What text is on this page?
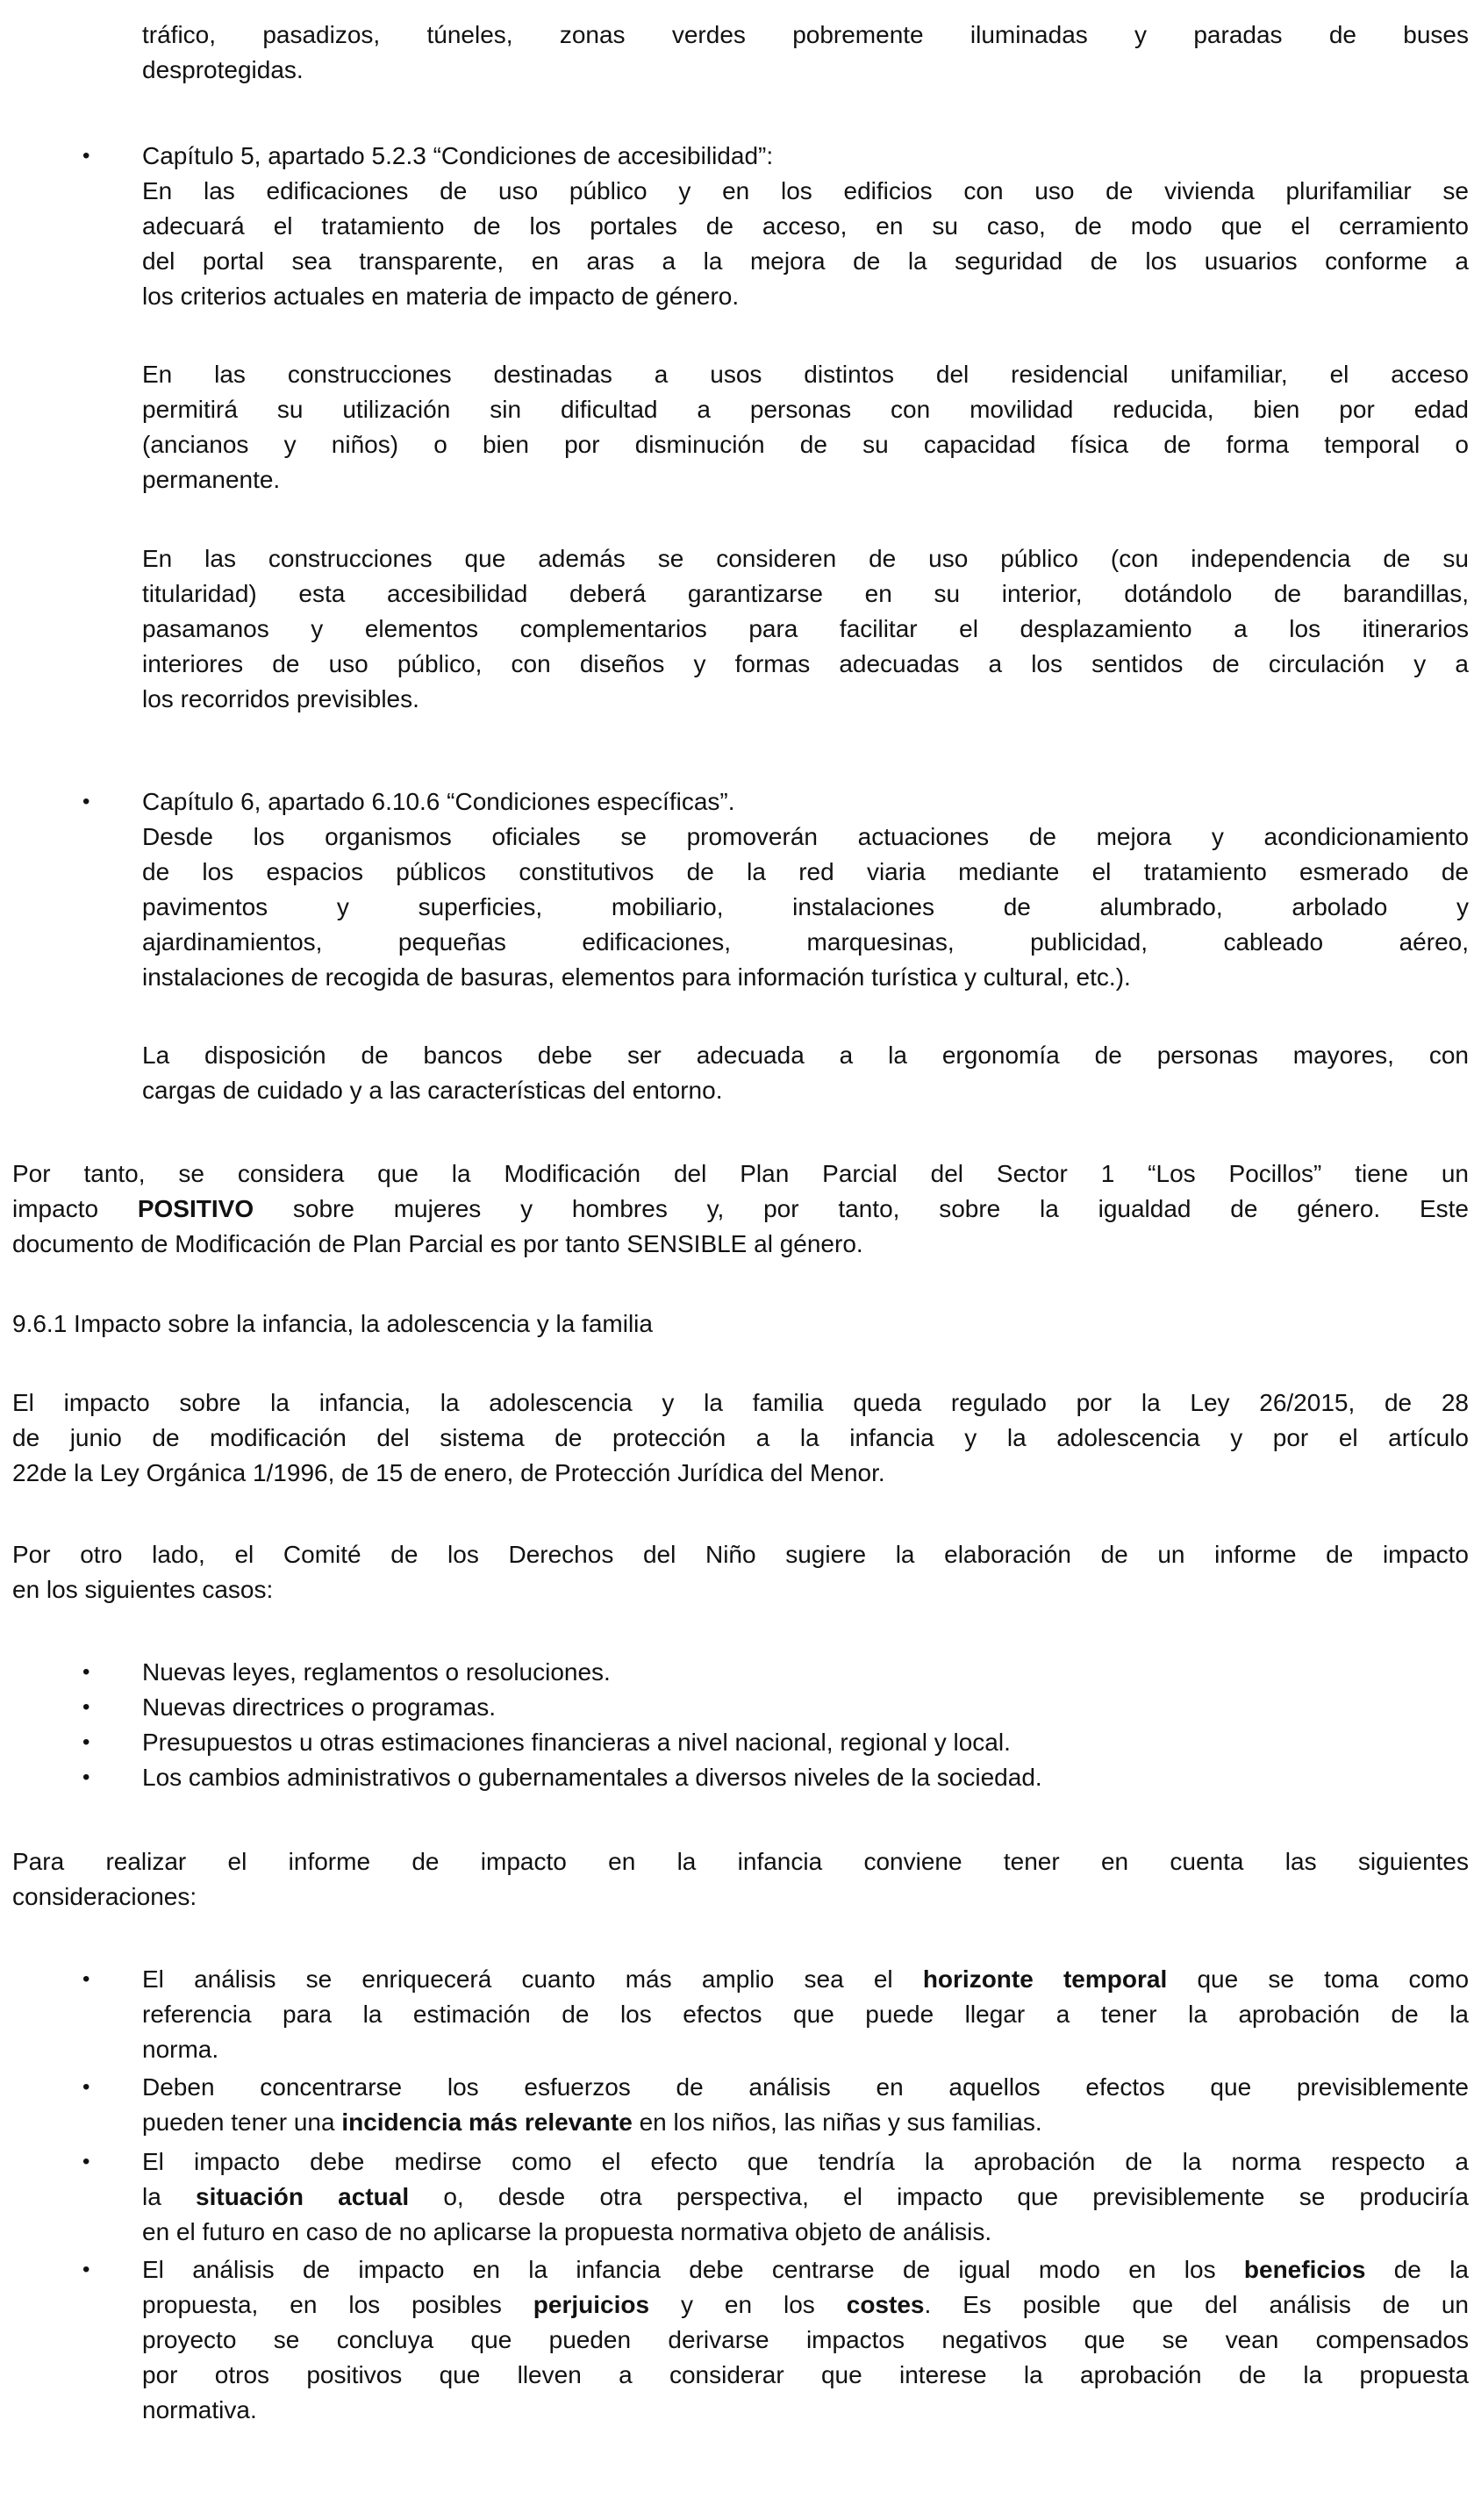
tráfico, pasadizos, túneles, zonas verdes pobremente iluminadas y paradas de buses
desprotegidas.
• Capítulo 5, apartado 5.2.3 “Condiciones de accesibilidad”:
En las edificaciones de uso público y en los edificios con uso de vivienda plurifamiliar se
adecuará el tratamiento de los portales de acceso, en su caso, de modo que el cerramiento
del portal sea transparente, en aras a la mejora de la seguridad de los usuarios conforme a
los criterios actuales en materia de impacto de género.
En las construcciones destinadas a usos distintos del residencial unifamiliar, el acceso
permitirá su utilización sin dificultad a personas con movilidad reducida, bien por edad
(ancianos y niños) o bien por disminución de su capacidad física de forma temporal o
permanente.
En las construcciones que además se consideren de uso público (con independencia de su
titularidad) esta accesibilidad deberá garantizarse en su interior, dotándolo de barandillas,
pasamanos y elementos complementarios para facilitar el desplazamiento a los itinerarios
interiores de uso público, con diseños y formas adecuadas a los sentidos de circulación y a
los recorridos previsibles.
• Capítulo 6, apartado 6.10.6 “Condiciones específicas”.
Desde los organismos oficiales se promoverán actuaciones de mejora y acondicionamiento
de los espacios públicos constitutivos de la red viaria mediante el tratamiento esmerado de
pavimentos y superficies, mobiliario, instalaciones de alumbrado, arbolado y
ajardinamientos, pequeñas edificaciones, marquesinas, publicidad, cableado aéreo,
instalaciones de recogida de basuras, elementos para información turística y cultural, etc.).
La disposición de bancos debe ser adecuada a la ergonomía de personas mayores, con
cargas de cuidado y a las características del entorno.
Por tanto, se considera que la Modificación del Plan Parcial del Sector 1 “Los Pocillos” tiene un
impacto POSITIVO sobre mujeres y hombres y, por tanto, sobre la igualdad de género. Este
documento de Modificación de Plan Parcial es por tanto SENSIBLE al género.
9.6.1 Impacto sobre la infancia, la adolescencia y la familia
El impacto sobre la infancia, la adolescencia y la familia queda regulado por la Ley 26/2015, de 28
de junio de modificación del sistema de protección a la infancia y la adolescencia y por el artículo
22de la Ley Orgánica 1/1996, de 15 de enero, de Protección Jurídica del Menor.
Por otro lado, el Comité de los Derechos del Niño sugiere la elaboración de un informe de impacto
en los siguientes casos:
• Nuevas leyes, reglamentos o resoluciones.
• Nuevas directrices o programas.
• Presupuestos u otras estimaciones financieras a nivel nacional, regional y local.
• Los cambios administrativos o gubernamentales a diversos niveles de la sociedad.
Para realizar el informe de impacto en la infancia conviene tener en cuenta las siguientes
consideraciones:
• El análisis se enriquecerá cuanto más amplio sea el horizonte temporal que se toma como
referencia para la estimación de los efectos que puede llegar a tener la aprobación de la
norma.
• Deben concentrarse los esfuerzos de análisis en aquellos efectos que previsiblemente
pueden tener una incidencia más relevante en los niños, las niñas y sus familias.
• El impacto debe medirse como el efecto que tendría la aprobación de la norma respecto a
la situación actual o, desde otra perspectiva, el impacto que previsiblemente se produciría
en el futuro en caso de no aplicarse la propuesta normativa objeto de análisis.
• El análisis de impacto en la infancia debe centrarse de igual modo en los beneficios de la
propuesta, en los posibles perjuicios y en los costes. Es posible que del análisis de un
proyecto se concluya que pueden derivarse impactos negativos que se vean compensados
por otros positivos que lleven a considerar que interese la aprobación de la propuesta
normativa.
